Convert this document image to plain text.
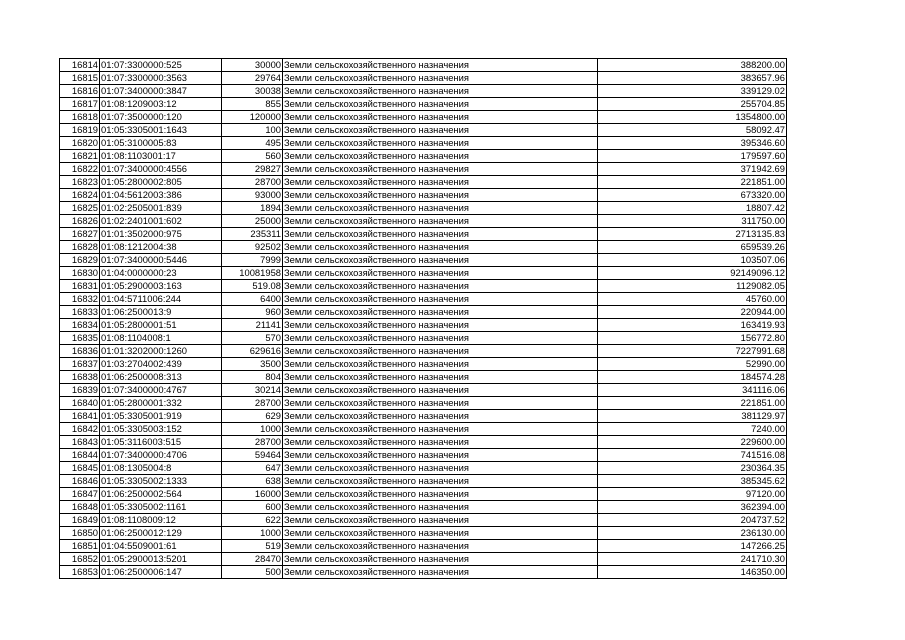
16814	01:07:3300000:525	30000	Земли сельскохозяйственного назначения	388200.00
16815	01:07:3300000:3563	29764	Земли сельскохозяйственного назначения	383657.96
16816	01:07:3400000:3847	30038	Земли сельскохозяйственного назначения	339129.02
16817	01:08:1209003:12	855	Земли сельскохозяйственного назначения	255704.85
16818	01:07:3500000:120	120000	Земли сельскохозяйственного назначения	1354800.00
16819	01:05:3305001:1643	100	Земли сельскохозяйственного назначения	58092.47
16820	01:05:3100005:83	495	Земли сельскохозяйственного назначения	395346.60
16821	01:08:1103001:17	560	Земли сельскохозяйственного назначения	179597.60
16822	01:07:3400000:4556	29827	Земли сельскохозяйственного назначения	371942.69
16823	01:05:2800002:805	28700	Земли сельскохозяйственного назначения	221851.00
16824	01:04:5612003:386	93000	Земли сельскохозяйственного назначения	673320.00
16825	01:02:2505001:839	1894	Земли сельскохозяйственного назначения	18807.42
16826	01:02:2401001:602	25000	Земли сельскохозяйственного назначения	311750.00
16827	01:01:3502000:975	235311	Земли сельскохозяйственного назначения	2713135.83
16828	01:08:1212004:38	92502	Земли сельскохозяйственного назначения	659539.26
16829	01:07:3400000:5446	7999	Земли сельскохозяйственного назначения	103507.06
16830	01:04:0000000:23	10081958	Земли сельскохозяйственного назначения	92149096.12
16831	01:05:2900003:163	519.08	Земли сельскохозяйственного назначения	1129082.05
16832	01:04:5711006:244	6400	Земли сельскохозяйственного назначения	45760.00
16833	01:06:2500013:9	960	Земли сельскохозяйственного назначения	220944.00
16834	01:05:2800001:51	21141	Земли сельскохозяйственного назначения	163419.93
16835	01:08:1104008:1	570	Земли сельскохозяйственного назначения	156772.80
16836	01:01:3202000:1260	629616	Земли сельскохозяйственного назначения	7227991.68
16837	01:03:2704002:439	3500	Земли сельскохозяйственного назначения	52990.00
16838	01:06:2500008:313	804	Земли сельскохозяйственного назначения	184574.28
16839	01:07:3400000:4767	30214	Земли сельскохозяйственного назначения	341116.06
16840	01:05:2800001:332	28700	Земли сельскохозяйственного назначения	221851.00
16841	01:05:3305001:919	629	Земли сельскохозяйственного назначения	381129.97
16842	01:05:3305003:152	1000	Земли сельскохозяйственного назначения	7240.00
16843	01:05:3116003:515	28700	Земли сельскохозяйственного назначения	229600.00
16844	01:07:3400000:4706	59464	Земли сельскохозяйственного назначения	741516.08
16845	01:08:1305004:8	647	Земли сельскохозяйственного назначения	230364.35
16846	01:05:3305002:1333	638	Земли сельскохозяйственного назначения	385345.62
16847	01:06:2500002:564	16000	Земли сельскохозяйственного назначения	97120.00
16848	01:05:3305002:1161	600	Земли сельскохозяйственного назначения	362394.00
16849	01:08:1108009:12	622	Земли сельскохозяйственного назначения	204737.52
16850	01:06:2500012:129	1000	Земли сельскохозяйственного назначения	236130.00
16851	01:04:5509001:61	519	Земли сельскохозяйственного назначения	147266.25
16852	01:05:2900013:5201	28470	Земли сельскохозяйственного назначения	241710.30
16853	01:06:2500006:147	500	Земли сельскохозяйственного назначения	146350.00
